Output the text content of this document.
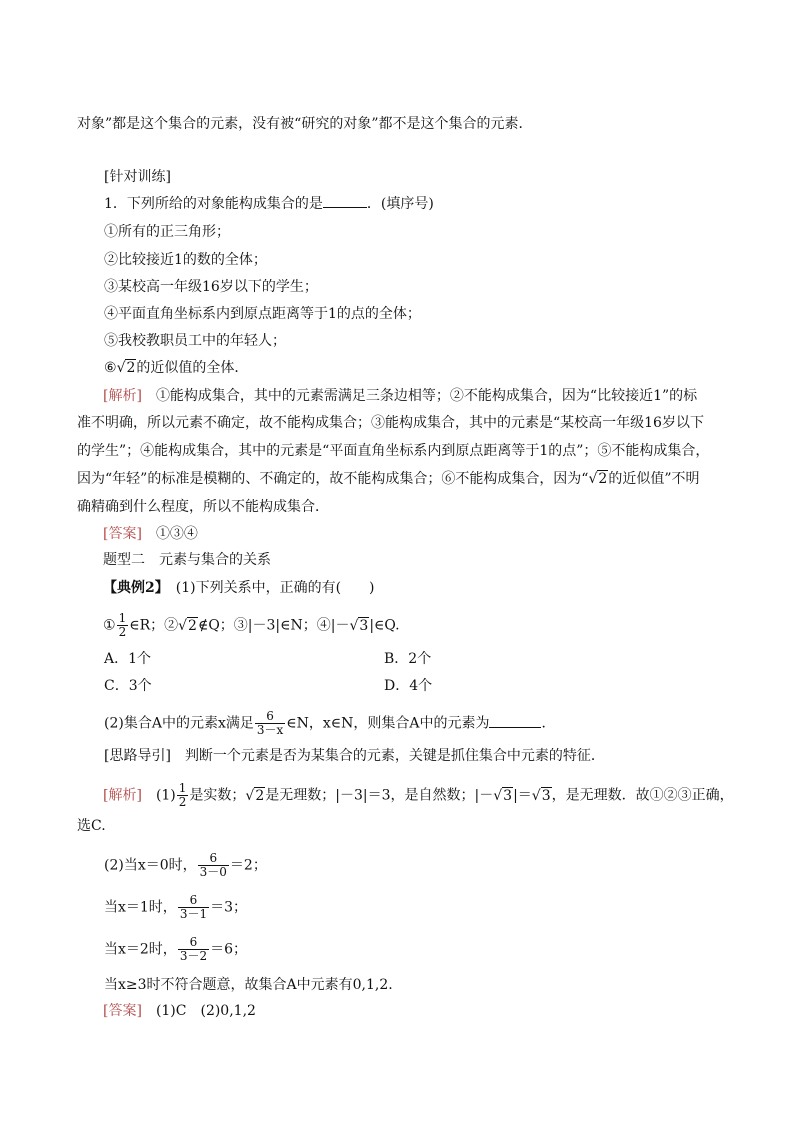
对象”都是这个集合的元素，没有被“研究的对象”都不是这个集合的元素．
[针对训练]
1．下列所给的对象能构成集合的是	．(填序号)
①所有的正三角形；
②比较接近1的数的全体；
③某校高一年级16岁以下的学生；
④平面直角坐标系内到原点距离等于1的点的全体；
⑤我校教职员工中的年轻人；
⑥√2的近似值的全体．
[解析]　 ①能构成集合，其中的元素需满足三条边相等；②不能构成集合，因为“比较接近1”的标
准不明确，所以元素不确定，故不能构成集合；③能构成集合，其中的元素是“某校高一年级16岁以下
的学生”；④能构成集合，其中的元素是“平面直角坐标系内到原点距离等于1的点”；⑤不能构成集合，
因为“年轻”的标准是模糊的、不确定的，故不能构成集合；⑥不能构成集合，因为“√2的近似值”不明
确精确到什么程度，所以不能构成集合．
[答案]　 ①③④
题型二　元素与集合的关系
【典例2】　 (1)下列关系中，正确的有(　　)
① $\frac{1}{2}$ ∈R；②√2∉Q；③|－3|∈N；④|－√3|∈Q.
A．1个	B．2个
C．3个	D．4个
(2)集合A中的元素x满足 $\frac{6}{3-x}$ ∈N，x∈N，则集合A中的元素为	．
[思路导引]　 判断一个元素是否为某集合的元素，关键是抓住集合中元素的特征．
[解析]　 $(1) \frac{1}{2}$ 是实数；√2是无理数；|－3|＝3，是自然数；|－√3|＝√3，是无理数．故①②③正确，
选C.
(2)当x＝0时， $\frac{6}{3-0} =2$；
当x＝1时， $\frac{6}{3-1} =3$；
当x＝2时， $\frac{6}{3-2} =6$；
当x≥3时不符合题意，故集合A中元素有0,1,2.
[答案]　 (1)C　(2)0,1,2
